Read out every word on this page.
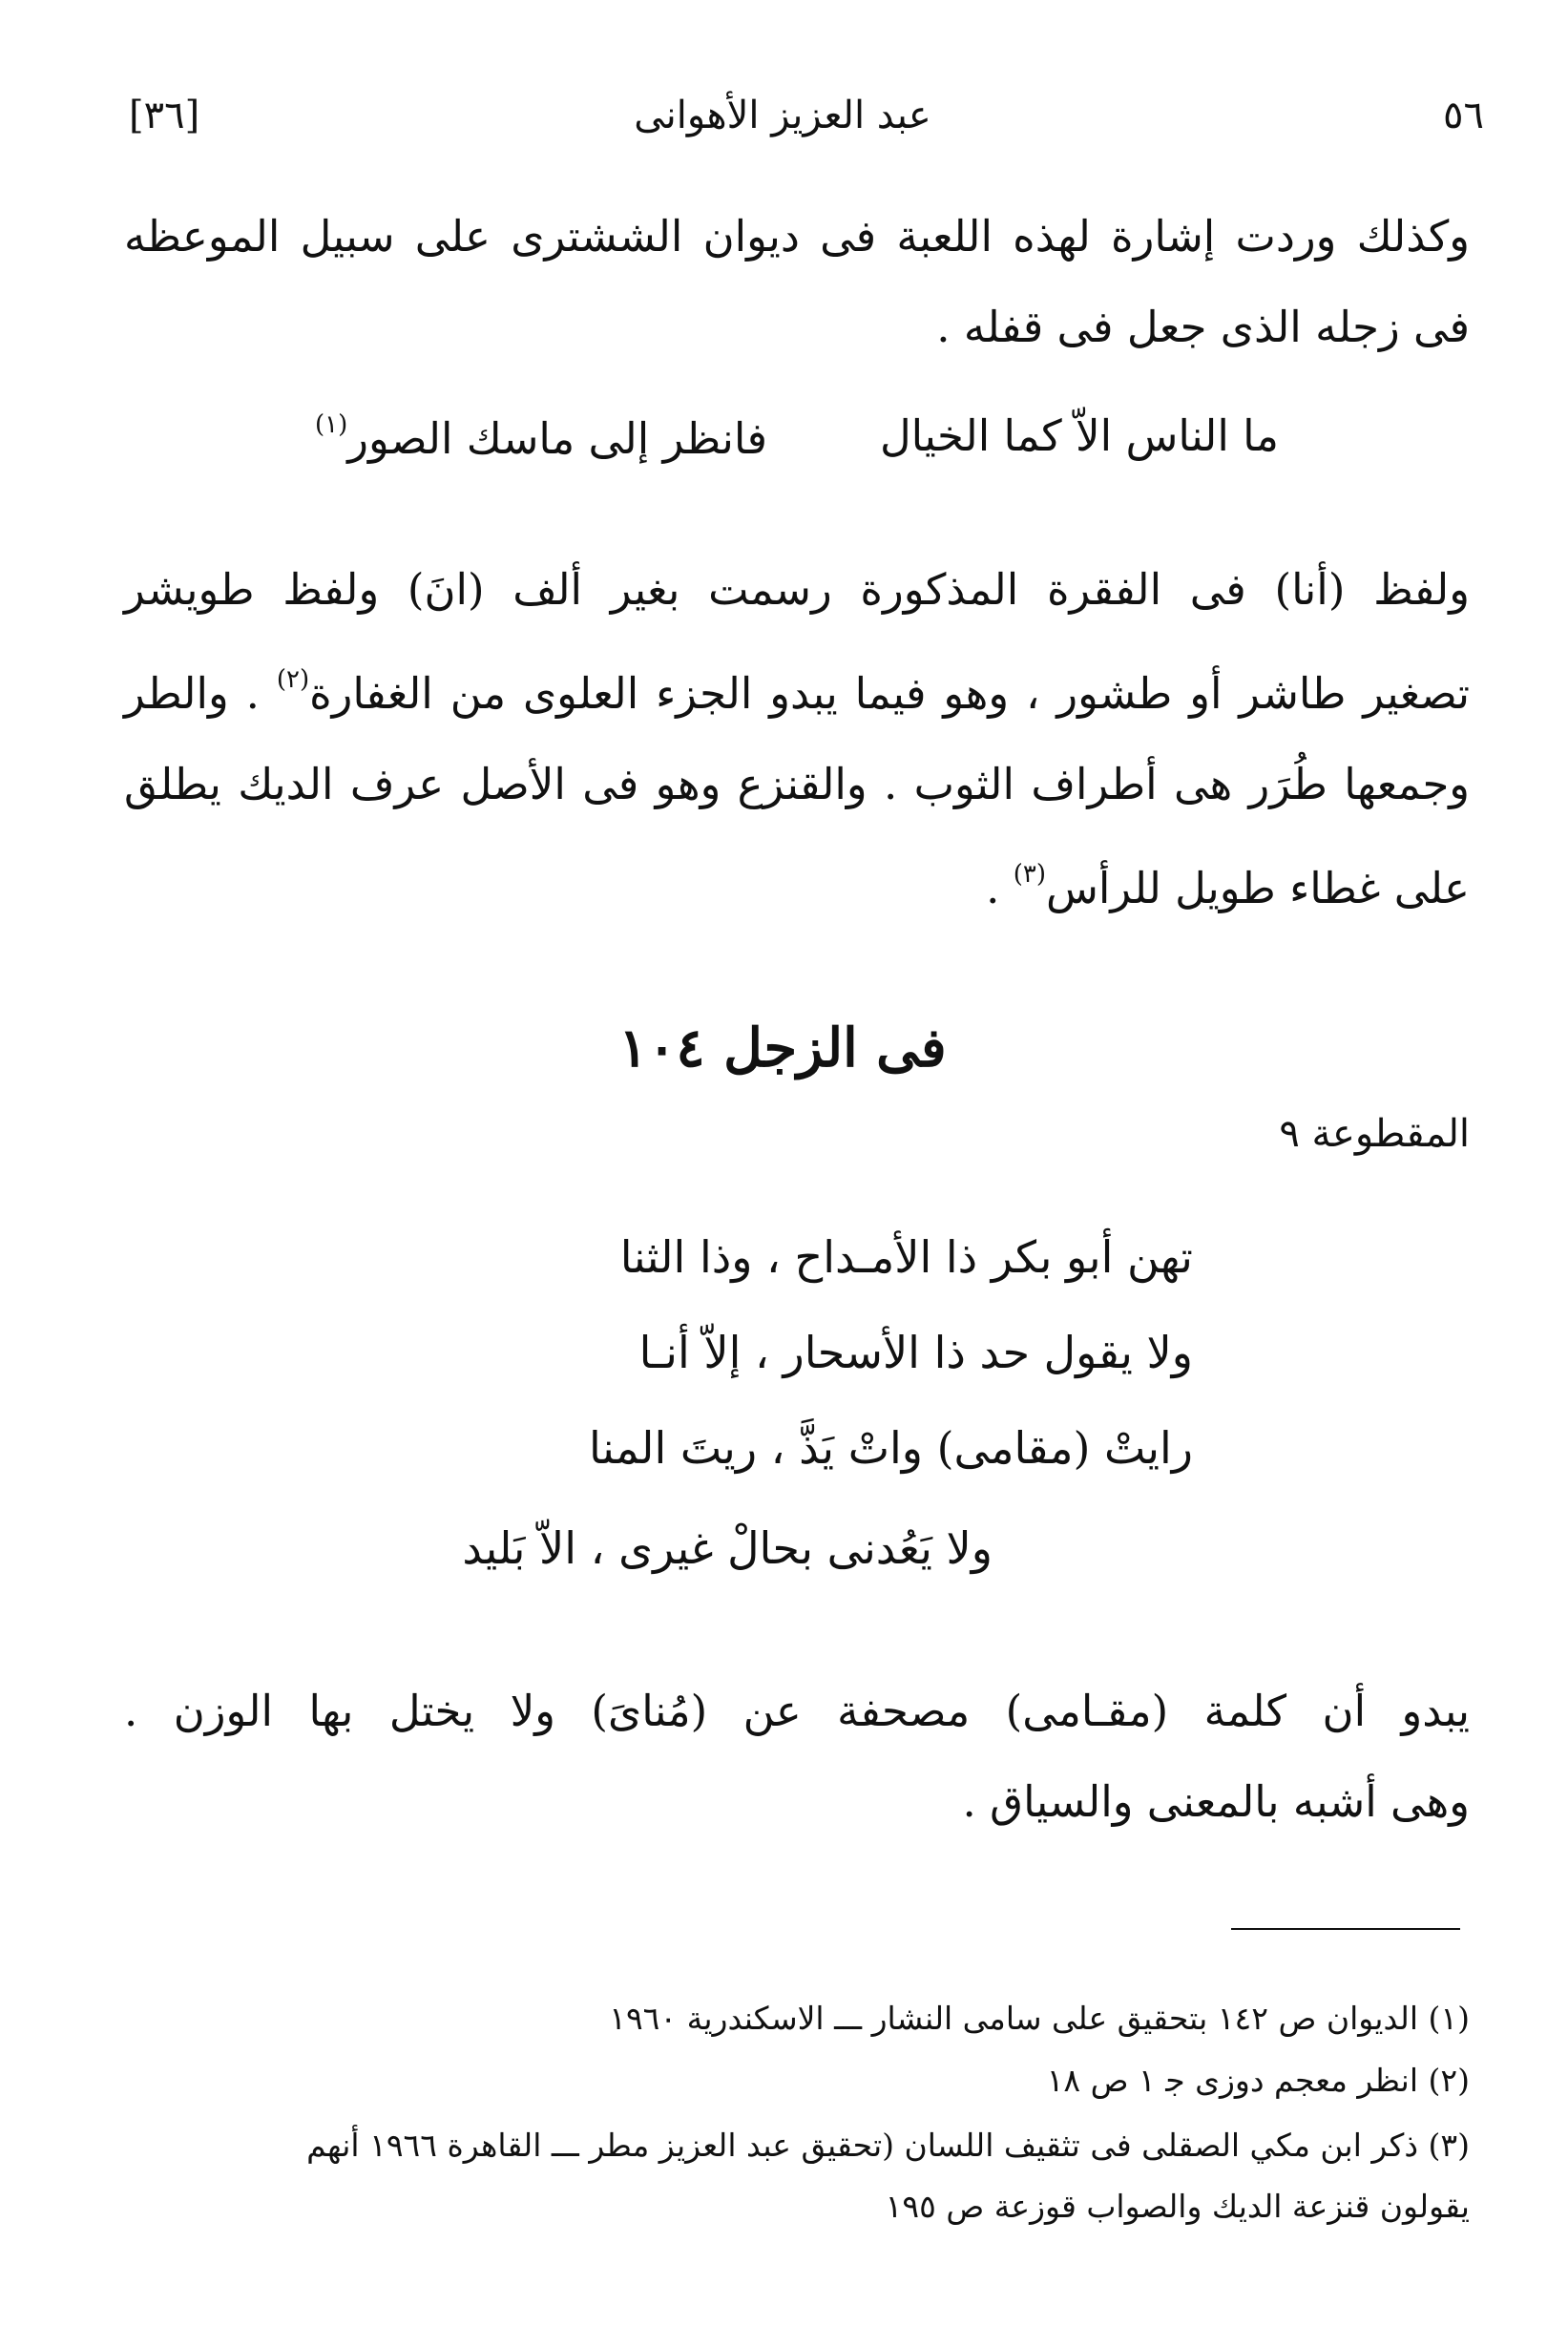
٥٦
عبد العزيز الأهوانى
[٣٦]
وكذلك وردت إشارة لهذه اللعبة فى ديوان الششترى على سبيل الموعظه
فى زجله الذى جعل فى قفله .
ما الناس الاّ كما الخيال
فانظر إلى ماسك الصور$^{(١)}$
ولفظ (أنا) فى الفقرة المذكورة رسمت بغير ألف (انَ) ولفظ طويشر
تصغير طاشر أو طشور ، وهو فيما يبدو الجزء العلوى من الغفارة$^{(٢)}$ . والطر
وجمعها طُرَر هى أطراف الثوب . والقنزع وهو فى الأصل عرف الديك يطلق
على غطاء طويل للرأس$^{(٣)}$ .
فى الزجل ١٠٤
المقطوعة ٩
تهن أبو بكر ذا الأمـداح ، وذا الثنا
ولا يقول حد ذا الأسحار ، إلاّ أنـا
رايتْ (مقامى) واتْ يَذَّ ، ريتَ المنا
ولا يَعُدنى بحالْ غيرى ، الاّ بَليد
يبدو أن كلمة (مقـامى) مصحفة عن (مُناىَ) ولا يختل بها الوزن .
وهى أشبه بالمعنى والسياق .
(١) الديوان ص ١٤٢ بتحقيق على سامى النشار ـــ الاسكندرية ١٩٦٠
(٢) انظر معجم دوزى ﺟ ١ ص ١٨
(٣) ذكر ابن مكي الصقلى فى تثقيف اللسان (تحقيق عبد العزيز مطر ـــ القاهرة ١٩٦٦ أنهم
يقولون قنزعة الديك والصواب قوزعة ص ١٩٥
